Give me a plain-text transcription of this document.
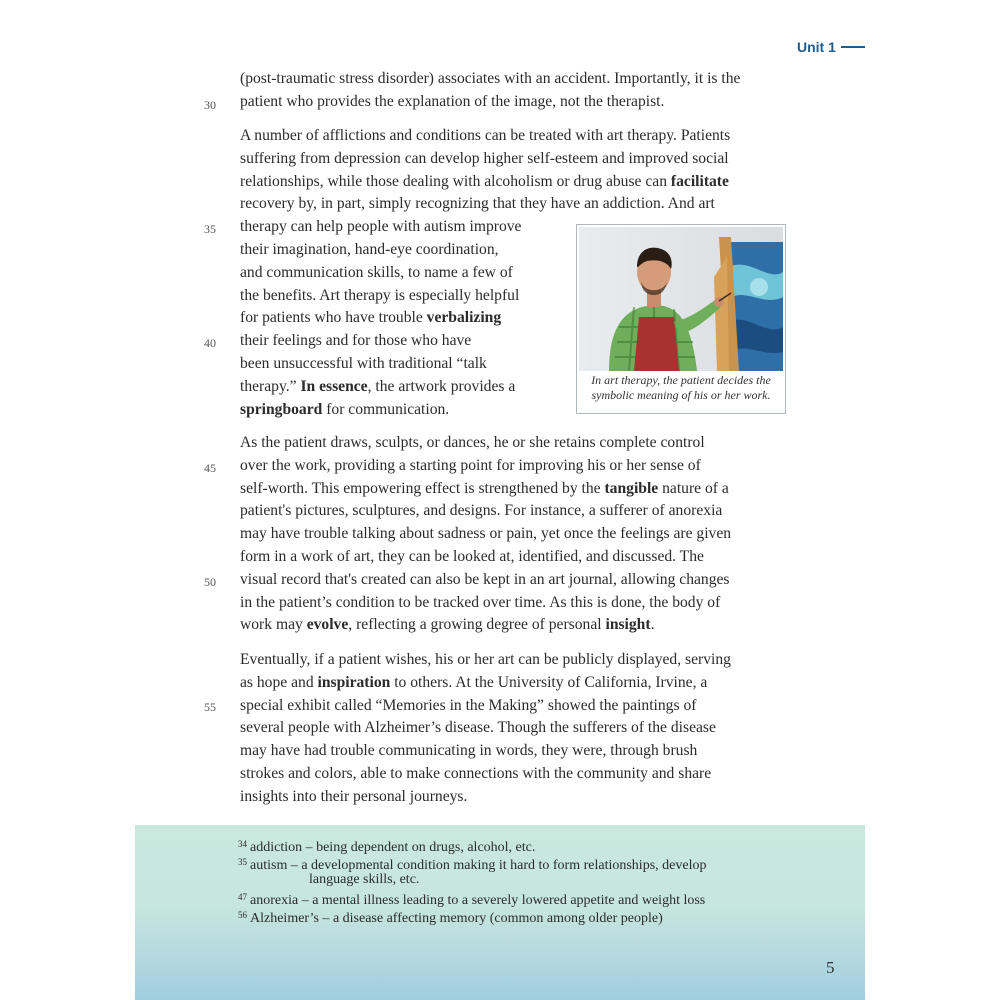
Unit 1
30
35
40
45
50
55
(post-traumatic stress disorder) associates with an accident. Importantly, it is the
patient who provides the explanation of the image, not the therapist.
A number of afflictions and conditions can be treated with art therapy. Patients
suffering from depression can develop higher self-esteem and improved social
relationships, while those dealing with alcoholism or drug abuse can facilitate
recovery by, in part, simply recognizing that they have an addiction. And art
therapy can help people with autism improve
their imagination, hand-eye coordination,
and communication skills, to name a few of
the benefits. Art therapy is especially helpful
for patients who have trouble verbalizing
their feelings and for those who have
been unsuccessful with traditional “talk
therapy.” In essence, the artwork provides a
springboard for communication.
In art therapy, the patient decides the
symbolic meaning of his or her work.
As the patient draws, sculpts, or dances, he or she retains complete control
over the work, providing a starting point for improving his or her sense of
self-worth. This empowering effect is strengthened by the tangible nature of a
patient's pictures, sculptures, and designs. For instance, a sufferer of anorexia
may have trouble talking about sadness or pain, yet once the feelings are given
form in a work of art, they can be looked at, identified, and discussed. The
visual record that's created can also be kept in an art journal, allowing changes
in the patient’s condition to be tracked over time. As this is done, the body of
work may evolve, reflecting a growing degree of personal insight.
Eventually, if a patient wishes, his or her art can be publicly displayed, serving
as hope and inspiration to others. At the University of California, Irvine, a
special exhibit called “Memories in the Making” showed the paintings of
several people with Alzheimer’s disease. Though the sufferers of the disease
may have had trouble communicating in words, they were, through brush
strokes and colors, able to make connections with the community and share
insights into their personal journeys.
$^{34}$ addiction – being dependent on drugs, alcohol, etc.
$^{35}$ autism – a developmental condition making it hard to form relationships, develop
language skills, etc.
$^{47}$ anorexia – a mental illness leading to a severely lowered appetite and weight loss
$^{56}$ Alzheimer’s – a disease affecting memory (common among older people)
5
